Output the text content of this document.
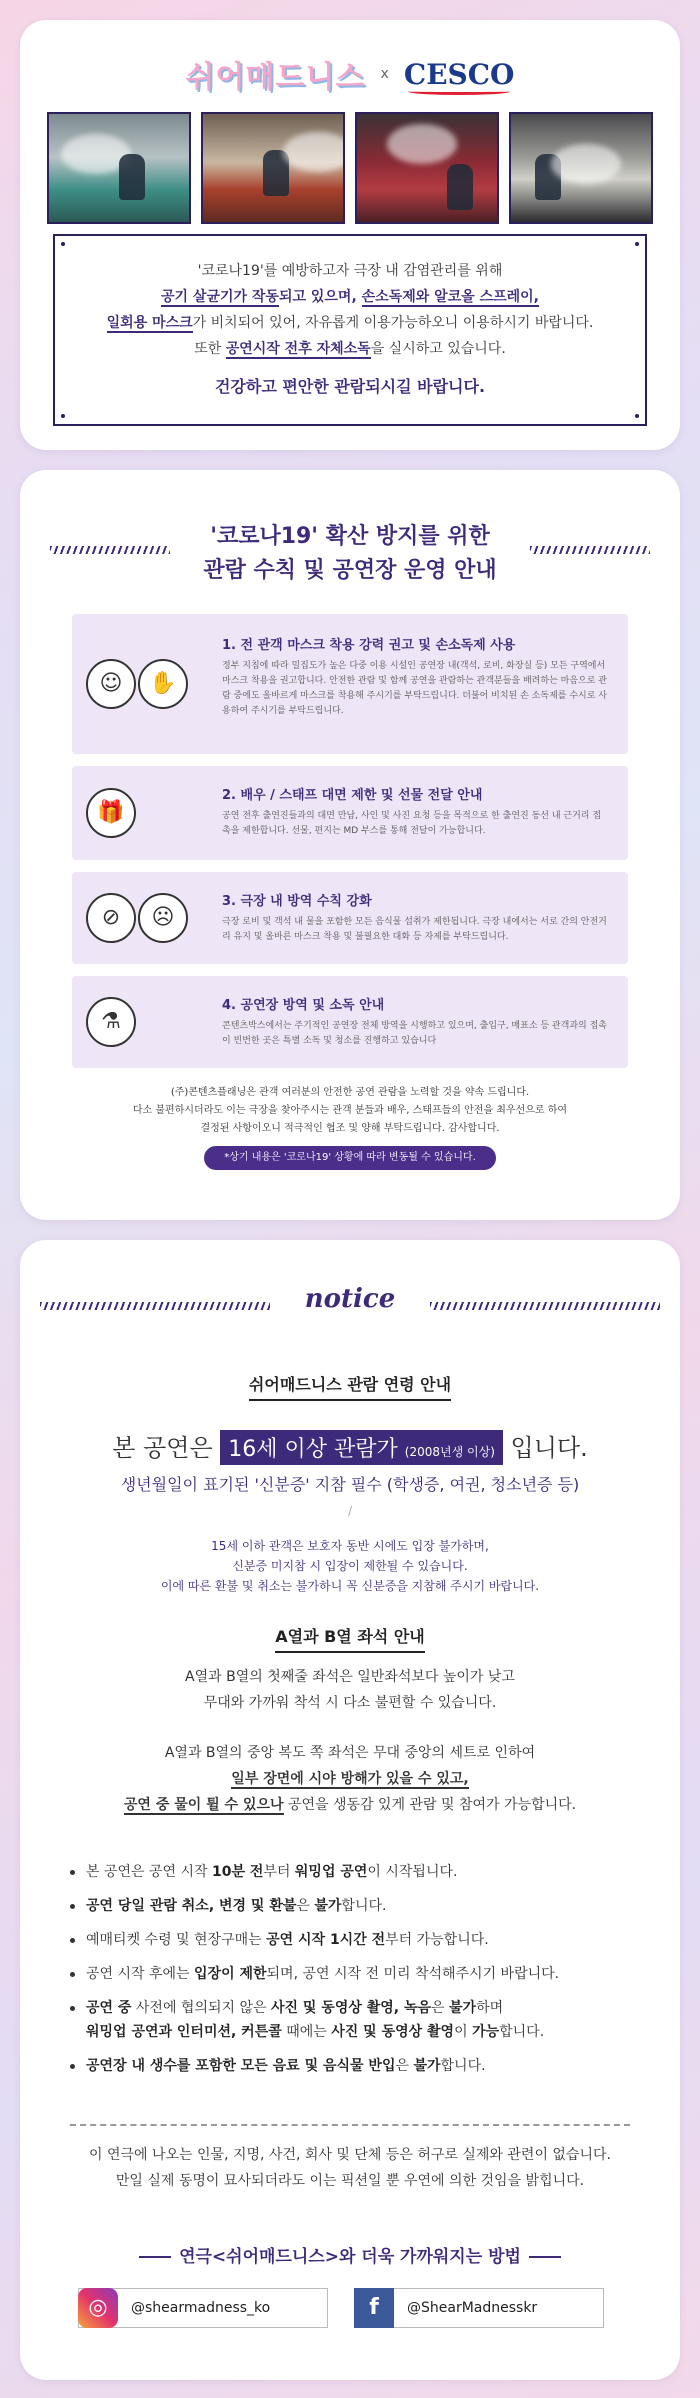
쉬어매드니스 x CESCO

'코로나19'를 예방하고자 극장 내 감염관리를 위해

공기 살균기가 작동되고 있으며, 손소독제와 알코올 스프레이,

일회용 마스크가 비치되어 있어, 자유롭게 이용가능하오니 이용하시기 바랍니다.

또한 공연시작 전후 자체소독을 실시하고 있습니다.

건강하고 편안한 관람되시길 바랍니다.

'코로나19' 확산 방지를 위한
관람 수칙 및 공연장 운영 안내
☺ ✋

1. 전 관객 마스크 착용 강력 권고 및 손소독제 사용

정부 지침에 따라 밀집도가 높은 다중 이용 시설인 공연장 내(객석, 로비, 화장실 등) 모든 구역에서 마스크 착용을 권고합니다. 안전한 관람 및 함께 공연을 관람하는 관객분들을 배려하는 마음으로 관람 중에도 올바르게 마스크를 착용해 주시기를 부탁드립니다. 더불어 비치된 손 소독제를 수시로 사용하여 주시기를 부탁드립니다.

🎁

2. 배우 / 스태프 대면 제한 및 선물 전달 안내

공연 전후 출연진들과의 대면 만남, 사인 및 사진 요청 등을 목적으로 한 출연진 동선 내 근거리 접촉을 제한합니다. 선물, 편지는 MD 부스를 통해 전달이 가능합니다.

⊘ ☹

3. 극장 내 방역 수칙 강화

극장 로비 및 객석 내 물을 포함한 모든 음식물 섭취가 제한됩니다. 극장 내에서는 서로 간의 안전거리 유지 및 올바른 마스크 착용 및 불필요한 대화 등 자제를 부탁드립니다.

⚗

4. 공연장 방역 및 소독 안내

콘텐츠박스에서는 주기적인 공연장 전체 방역을 시행하고 있으며, 출입구, 매표소 등 관객과의 접촉이 빈번한 곳은 특별 소독 및 청소를 진행하고 있습니다

(주)콘텐츠플래닝은 관객 여러분의 안전한 공연 관람을 노력할 것을 약속 드립니다.

다소 불편하시더라도 이는 극장을 찾아주시는 관객 분들과 배우, 스태프들의 안전을 최우선으로 하여

결정된 사항이오니 적극적인 협조 및 양해 부탁드립니다. 감사합니다.

*상기 내용은 '코로나19' 상황에 따라 변동될 수 있습니다.
notice
쉬어매드니스 관람 연령 안내
본 공연은 16세 이상 관람가 (2008년생 이상) 입니다.
생년월일이 표기된 '신분증' 지참 필수 (학생증, 여권, 청소년증 등)
/

15세 이하 관객은 보호자 동반 시에도 입장 불가하며,

신분증 미지참 시 입장이 제한될 수 있습니다.

이에 따른 환불 및 취소는 불가하니 꼭 신분증을 지참해 주시기 바랍니다.

A열과 B열 좌석 안내

A열과 B열의 첫째줄 좌석은 일반좌석보다 높이가 낮고

무대와 가까워 착석 시 다소 불편할 수 있습니다.

A열과 B열의 중앙 복도 쪽 좌석은 무대 중앙의 세트로 인하여

일부 장면에 시야 방해가 있을 수 있고,

공연 중 물이 튈 수 있으나 공연을 생동감 있게 관람 및 참여가 가능합니다.

본 공연은 공연 시작 10분 전부터 워밍업 공연이 시작됩니다.

공연 당일 관람 취소, 변경 및 환불은 불가합니다.

예매티켓 수령 및 현장구매는 공연 시작 1시간 전부터 가능합니다.

공연 시작 후에는 입장이 제한되며, 공연 시작 전 미리 착석해주시기 바랍니다.

공연 중 사전에 협의되지 않은 사진 및 동영상 촬영, 녹음은 불가하며
워밍업 공연과 인터미션, 커튼콜 때에는 사진 및 동영상 촬영이 가능합니다.

공연장 내 생수를 포함한 모든 음료 및 음식물 반입은 불가합니다.

이 연극에 나오는 인물, 지명, 사건, 회사 및 단체 등은 허구로 실제와 관련이 없습니다.

만일 실제 동명이 묘사되더라도 이는 픽션일 뿐 우연에 의한 것임을 밝힙니다.

연극<쉬어매드니스>와 더욱 가까워지는 방법
◎	@shearmadness_ko	f	@ShearMadnesskr
